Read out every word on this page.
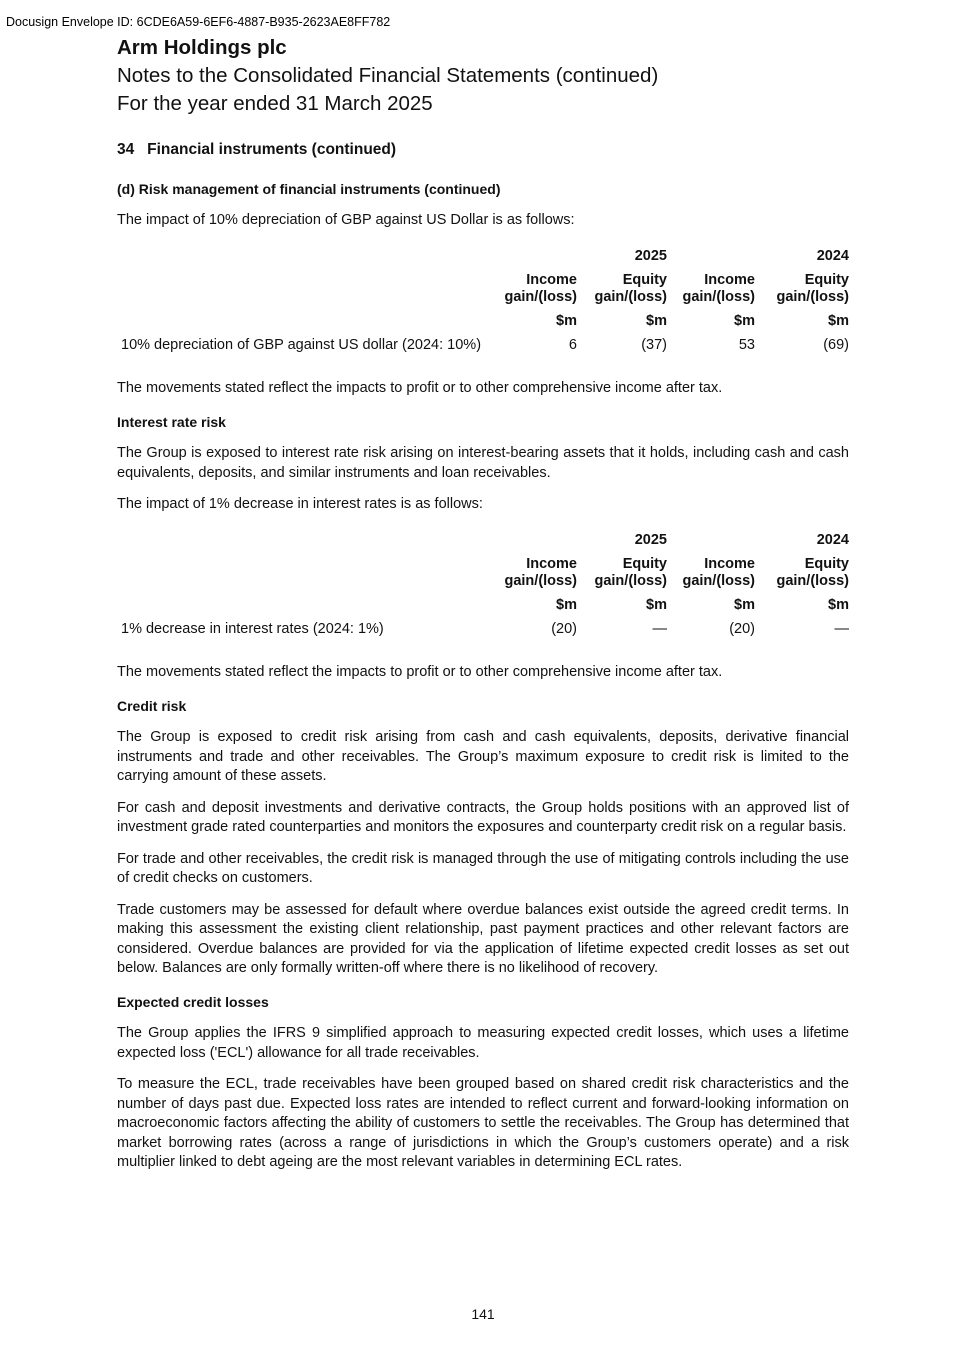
Docusign Envelope ID: 6CDE6A59-6EF6-4887-B935-2623AE8FF782
Arm Holdings plc
Notes to the Consolidated Financial Statements (continued)
For the year ended 31 March 2025
34   Financial instruments (continued)
(d) Risk management of financial instruments (continued)

The impact of 10% depreciation of GBP against US Dollar is as follows:

		2025		2024
	Income
gain/(loss)	Equity
gain/(loss)	Income
gain/(loss)	Equity
gain/(loss)
	$m	$m	$m	$m
10% depreciation of GBP against US dollar (2024: 10%)	6	(37)	53	(69)

The movements stated reflect the impacts to profit or to other comprehensive income after tax.

Interest rate risk

The Group is exposed to interest rate risk arising on interest-bearing assets that it holds, including cash and cash equivalents, deposits, and similar instruments and loan receivables.

The impact of 1% decrease in interest rates is as follows:

		2025		2024
	Income
gain/(loss)	Equity
gain/(loss)	Income
gain/(loss)	Equity
gain/(loss)
	$m	$m	$m	$m
1% decrease in interest rates (2024: 1%)	(20)	—	(20)	—

The movements stated reflect the impacts to profit or to other comprehensive income after tax.

Credit risk

The Group is exposed to credit risk arising from cash and cash equivalents, deposits, derivative financial instruments and trade and other receivables. The Group’s maximum exposure to credit risk is limited to the carrying amount of these assets.

For cash and deposit investments and derivative contracts, the Group holds positions with an approved list of investment grade rated counterparties and monitors the exposures and counterparty credit risk on a regular basis.

For trade and other receivables, the credit risk is managed through the use of mitigating controls including the use of credit checks on customers.

Trade customers may be assessed for default where overdue balances exist outside the agreed credit terms. In making this assessment the existing client relationship, past payment practices and other relevant factors are considered. Overdue balances are provided for via the application of lifetime expected credit losses as set out below. Balances are only formally written-off where there is no likelihood of recovery.

Expected credit losses

The Group applies the IFRS 9 simplified approach to measuring expected credit losses, which uses a lifetime expected loss ('ECL') allowance for all trade receivables.

To measure the ECL, trade receivables have been grouped based on shared credit risk characteristics and the number of days past due. Expected loss rates are intended to reflect current and forward-looking information on macroeconomic factors affecting the ability of customers to settle the receivables. The Group has determined that market borrowing rates (across a range of jurisdictions in which the Group’s customers operate) and a risk multiplier linked to debt ageing are the most relevant variables in determining ECL rates.

141
